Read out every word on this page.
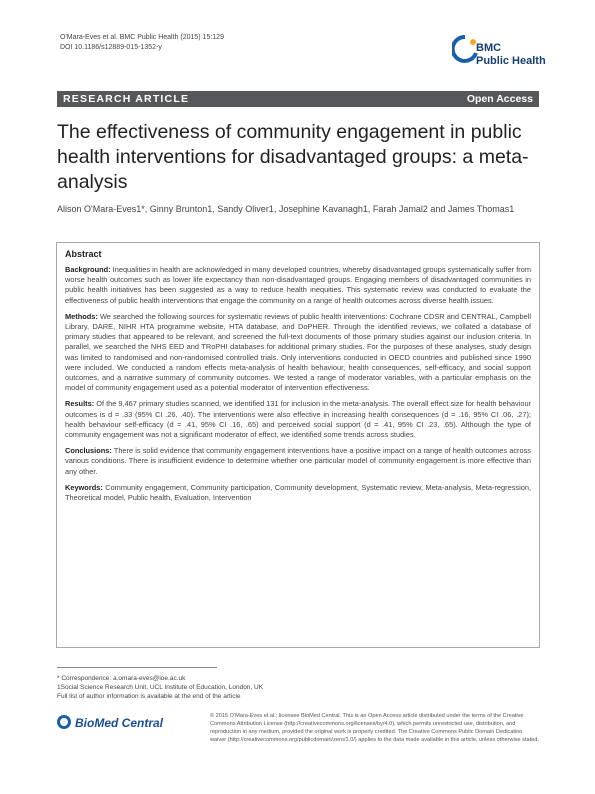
O'Mara-Eves et al. BMC Public Health (2015) 15:129
DOI 10.1186/s12889-015-1352-y	BMC
Public Health
RESEARCH ARTICLE	Open Access
The effectiveness of community engagement in public health interventions for disadvantaged groups: a meta-analysis
Alison O'Mara-Eves1*, Ginny Brunton1, Sandy Oliver1, Josephine Kavanagh1, Farah Jamal2 and James Thomas1
Abstract

Background: Inequalities in health are acknowledged in many developed countries, whereby disadvantaged groups systematically suffer from worse health outcomes such as lower life expectancy than non-disadvantaged groups. Engaging members of disadvantaged communities in public health initiatives has been suggested as a way to reduce health inequities. This systematic review was conducted to evaluate the effectiveness of public health interventions that engage the community on a range of health outcomes across diverse health issues.

Methods: We searched the following sources for systematic reviews of public health interventions: Cochrane CDSR and CENTRAL, Campbell Library, DARE, NIHR HTA programme website, HTA database, and DoPHER. Through the identified reviews, we collated a database of primary studies that appeared to be relevant, and screened the full-text documents of those primary studies against our inclusion criteria. In parallel, we searched the NHS EED and TRoPHI databases for additional primary studies. For the purposes of these analyses, study design was limited to randomised and non-randomised controlled trials. Only interventions conducted in OECD countries and published since 1990 were included. We conducted a random effects meta-analysis of health behaviour, health consequences, self-efficacy, and social support outcomes, and a narrative summary of community outcomes. We tested a range of moderator variables, with a particular emphasis on the model of community engagement used as a potential moderator of intervention effectiveness.

Results: Of the 9,467 primary studies scanned, we identified 131 for inclusion in the meta-analysis. The overall effect size for health behaviour outcomes is d = .33 (95% CI .26, .40). The interventions were also effective in increasing health consequences (d = .16, 95% CI .06, .27); health behaviour self-efficacy (d = .41, 95% CI .16, .65) and perceived social support (d = .41, 95% CI .23, .65). Although the type of community engagement was not a significant moderator of effect, we identified some trends across studies.

Conclusions: There is solid evidence that community engagement interventions have a positive impact on a range of health outcomes across various conditions. There is insufficient evidence to determine whether one particular model of community engagement is more effective than any other.

Keywords: Community engagement, Community participation, Community development, Systematic review, Meta-analysis, Meta-regression, Theoretical model, Public health, Evaluation, Intervention

* Correspondence: a.omara-eves@ioe.ac.uk
1Social Science Research Unit, UCL Institute of Education, London, UK
Full list of author information is available at the end of the article
BioMed Central	© 2015 O'Mara-Eves et al.; licensee BioMed Central. This is an Open Access article distributed under the terms of the Creative Commons Attribution License (http://creativecommons.org/licenses/by/4.0), which permits unrestricted use, distribution, and reproduction in any medium, provided the original work is properly credited. The Creative Commons Public Domain Dedication waiver (http://creativecommons.org/publicdomain/zero/1.0/) applies to the data made available in this article, unless otherwise stated.
